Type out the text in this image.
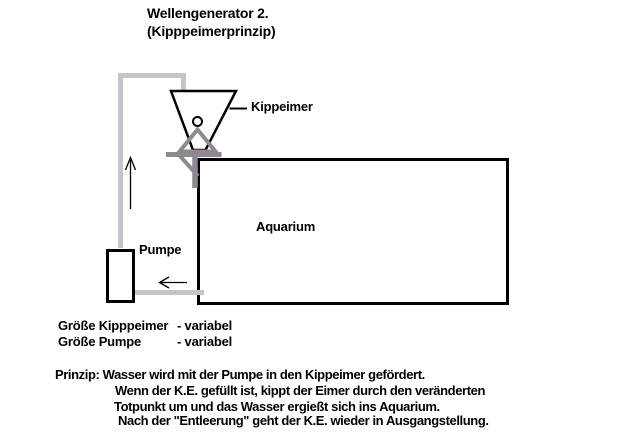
Wellengenerator 2.
(Kipppeimerprinzip)
Kippeimer
Aquarium
Pumpe
Größe Kipppeimer - variabel
Größe Pumpe	- variabel
Prinzip: Wasser wird mit der Pumpe in den Kippeimer gefördert.
Wenn der K.E. gefüllt ist, kippt der Eimer durch den veränderten
Totpunkt um und das Wasser ergießt sich ins Aquarium.
Nach der "Entleerung" geht der K.E. wieder in Ausgangstellung.
